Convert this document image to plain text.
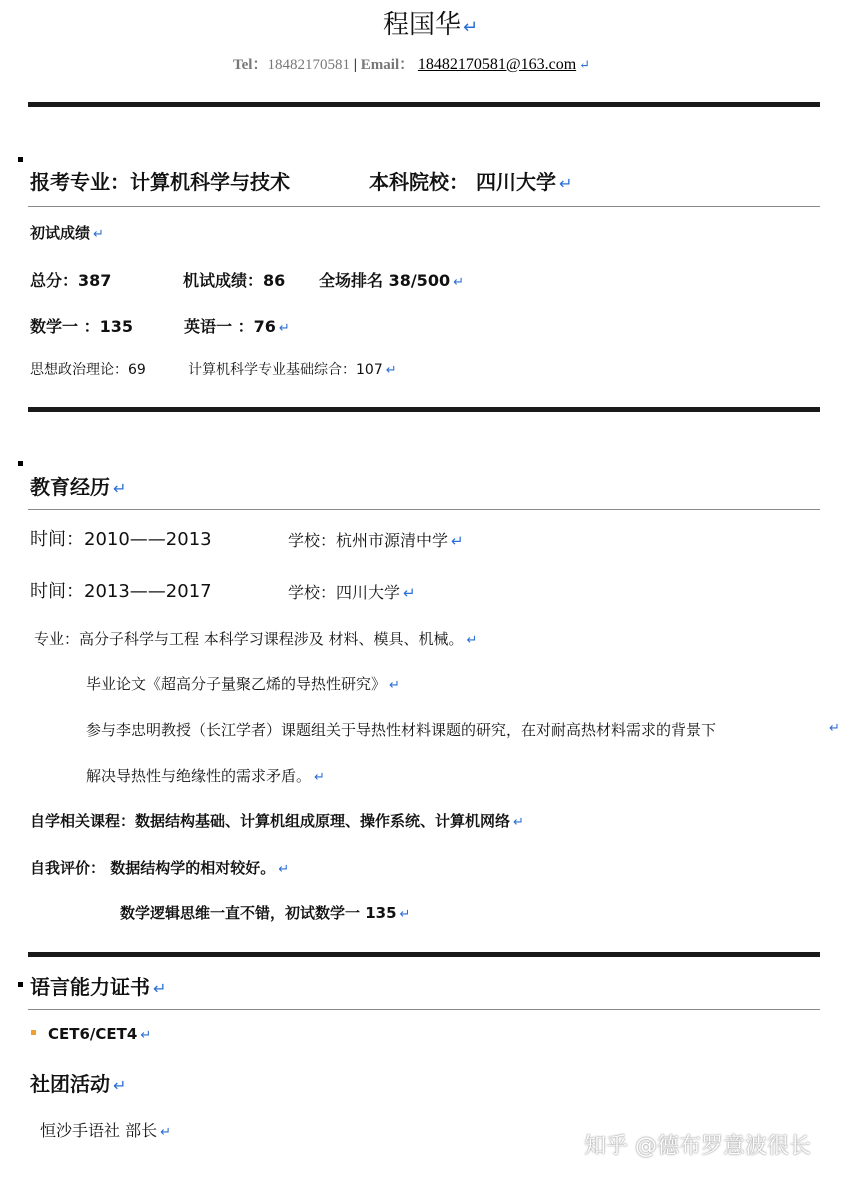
程国华 ↵
Tel：18482170581 | Email： 18482170581@163.com ↵
报考专业：计算机科学与技术	本科院校： 四川大学 ↵
初试成绩 ↵
总分：387	机试成绩：86 全场排名 38/500 ↵
数学一 ：135	英语一 ：76 ↵
思想政治理论：69	计算机科学专业基础综合：107 ↵
教育经历 ↵
时间：2010——2013	学校：杭州市源清中学 ↵
时间：2013——2017	学校：四川大学 ↵
专业：高分子科学与工程 本科学习课程涉及 材料、模具、机械。 ↵
毕业论文《超高分子量聚乙烯的导热性研究》 ↵
参与李忠明教授（长江学者）课题组关于导热性材料课题的研究，在对耐高热材料需求的背景下	↵
解决导热性与绝缘性的需求矛盾。 ↵
自学相关课程：数据结构基础、计算机组成原理、操作系统、计算机网络 ↵
自我评价： 数据结构学的相对较好。 ↵
数学逻辑思维一直不错，初试数学一 135 ↵
语言能力证书 ↵
CET6/CET4 ↵
社团活动 ↵
恒沙手语社 部长 ↵
知乎 @德布罗意波很长
